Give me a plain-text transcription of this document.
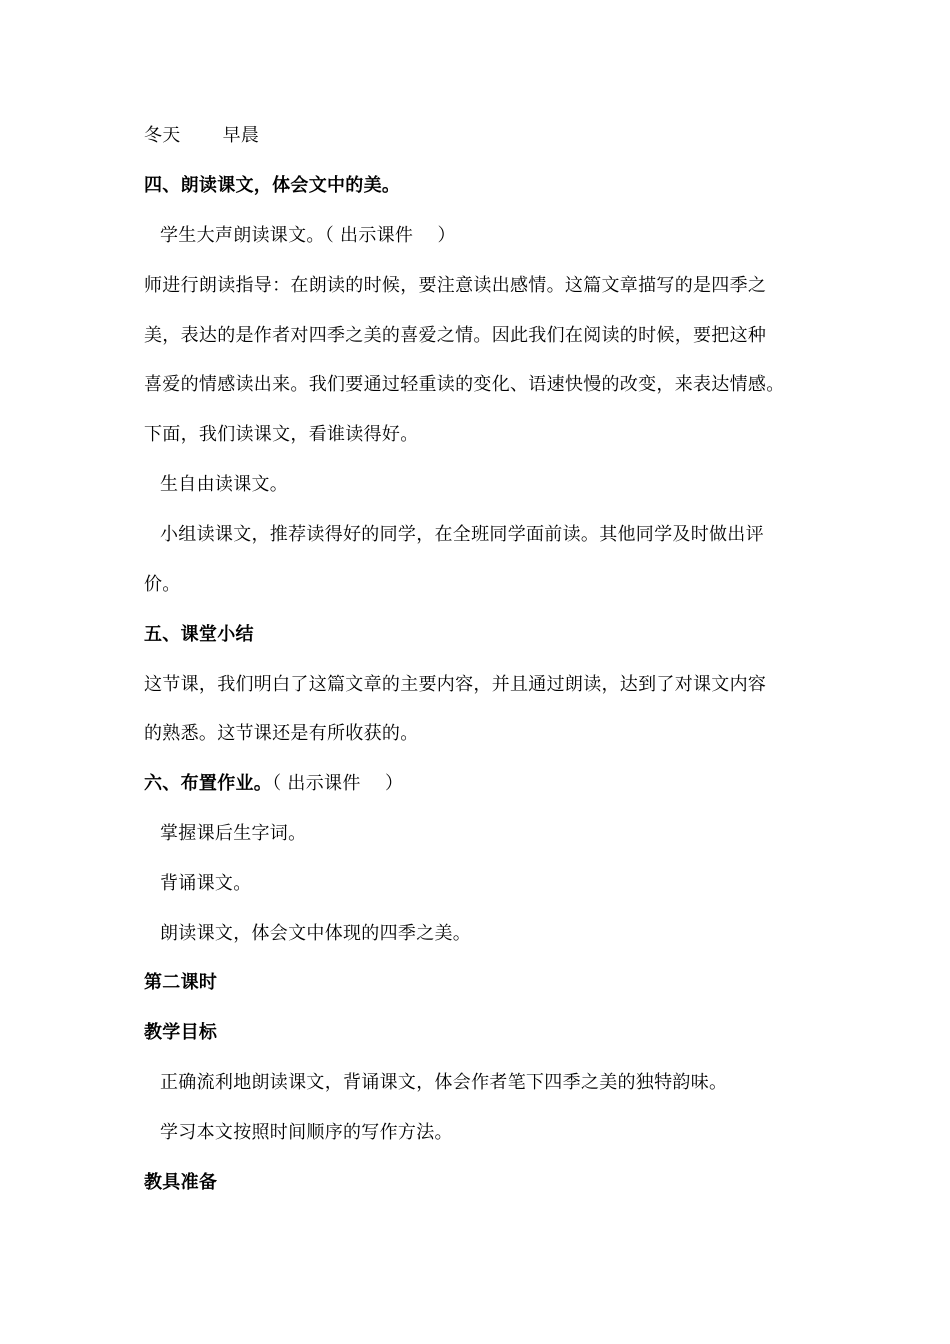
冬天 早晨
四、朗读课文，体会文中的美。
学生大声朗读课文。（ 出示课件　 ）
师进行朗读指导：在朗读的时候，要注意读出感情。这篇文章描写的是四季之
美，表达的是作者对四季之美的喜爱之情。因此我们在阅读的时候，要把这种
喜爱的情感读出来。我们要通过轻重读的变化、语速快慢的改变，来表达情感。
下面，我们读课文，看谁读得好。
生自由读课文。
小组读课文，推荐读得好的同学，在全班同学面前读。其他同学及时做出评
价。
五、课堂小结
这节课，我们明白了这篇文章的主要内容，并且通过朗读，达到了对课文内容
的熟悉。这节课还是有所收获的。
六、布置作业。（ 出示课件　 ）
掌握课后生字词。
背诵课文。
朗读课文，体会文中体现的四季之美。
第二课时
教学目标
正确流利地朗读课文，背诵课文，体会作者笔下四季之美的独特韵味。
学习本文按照时间顺序的写作方法。
教具准备
